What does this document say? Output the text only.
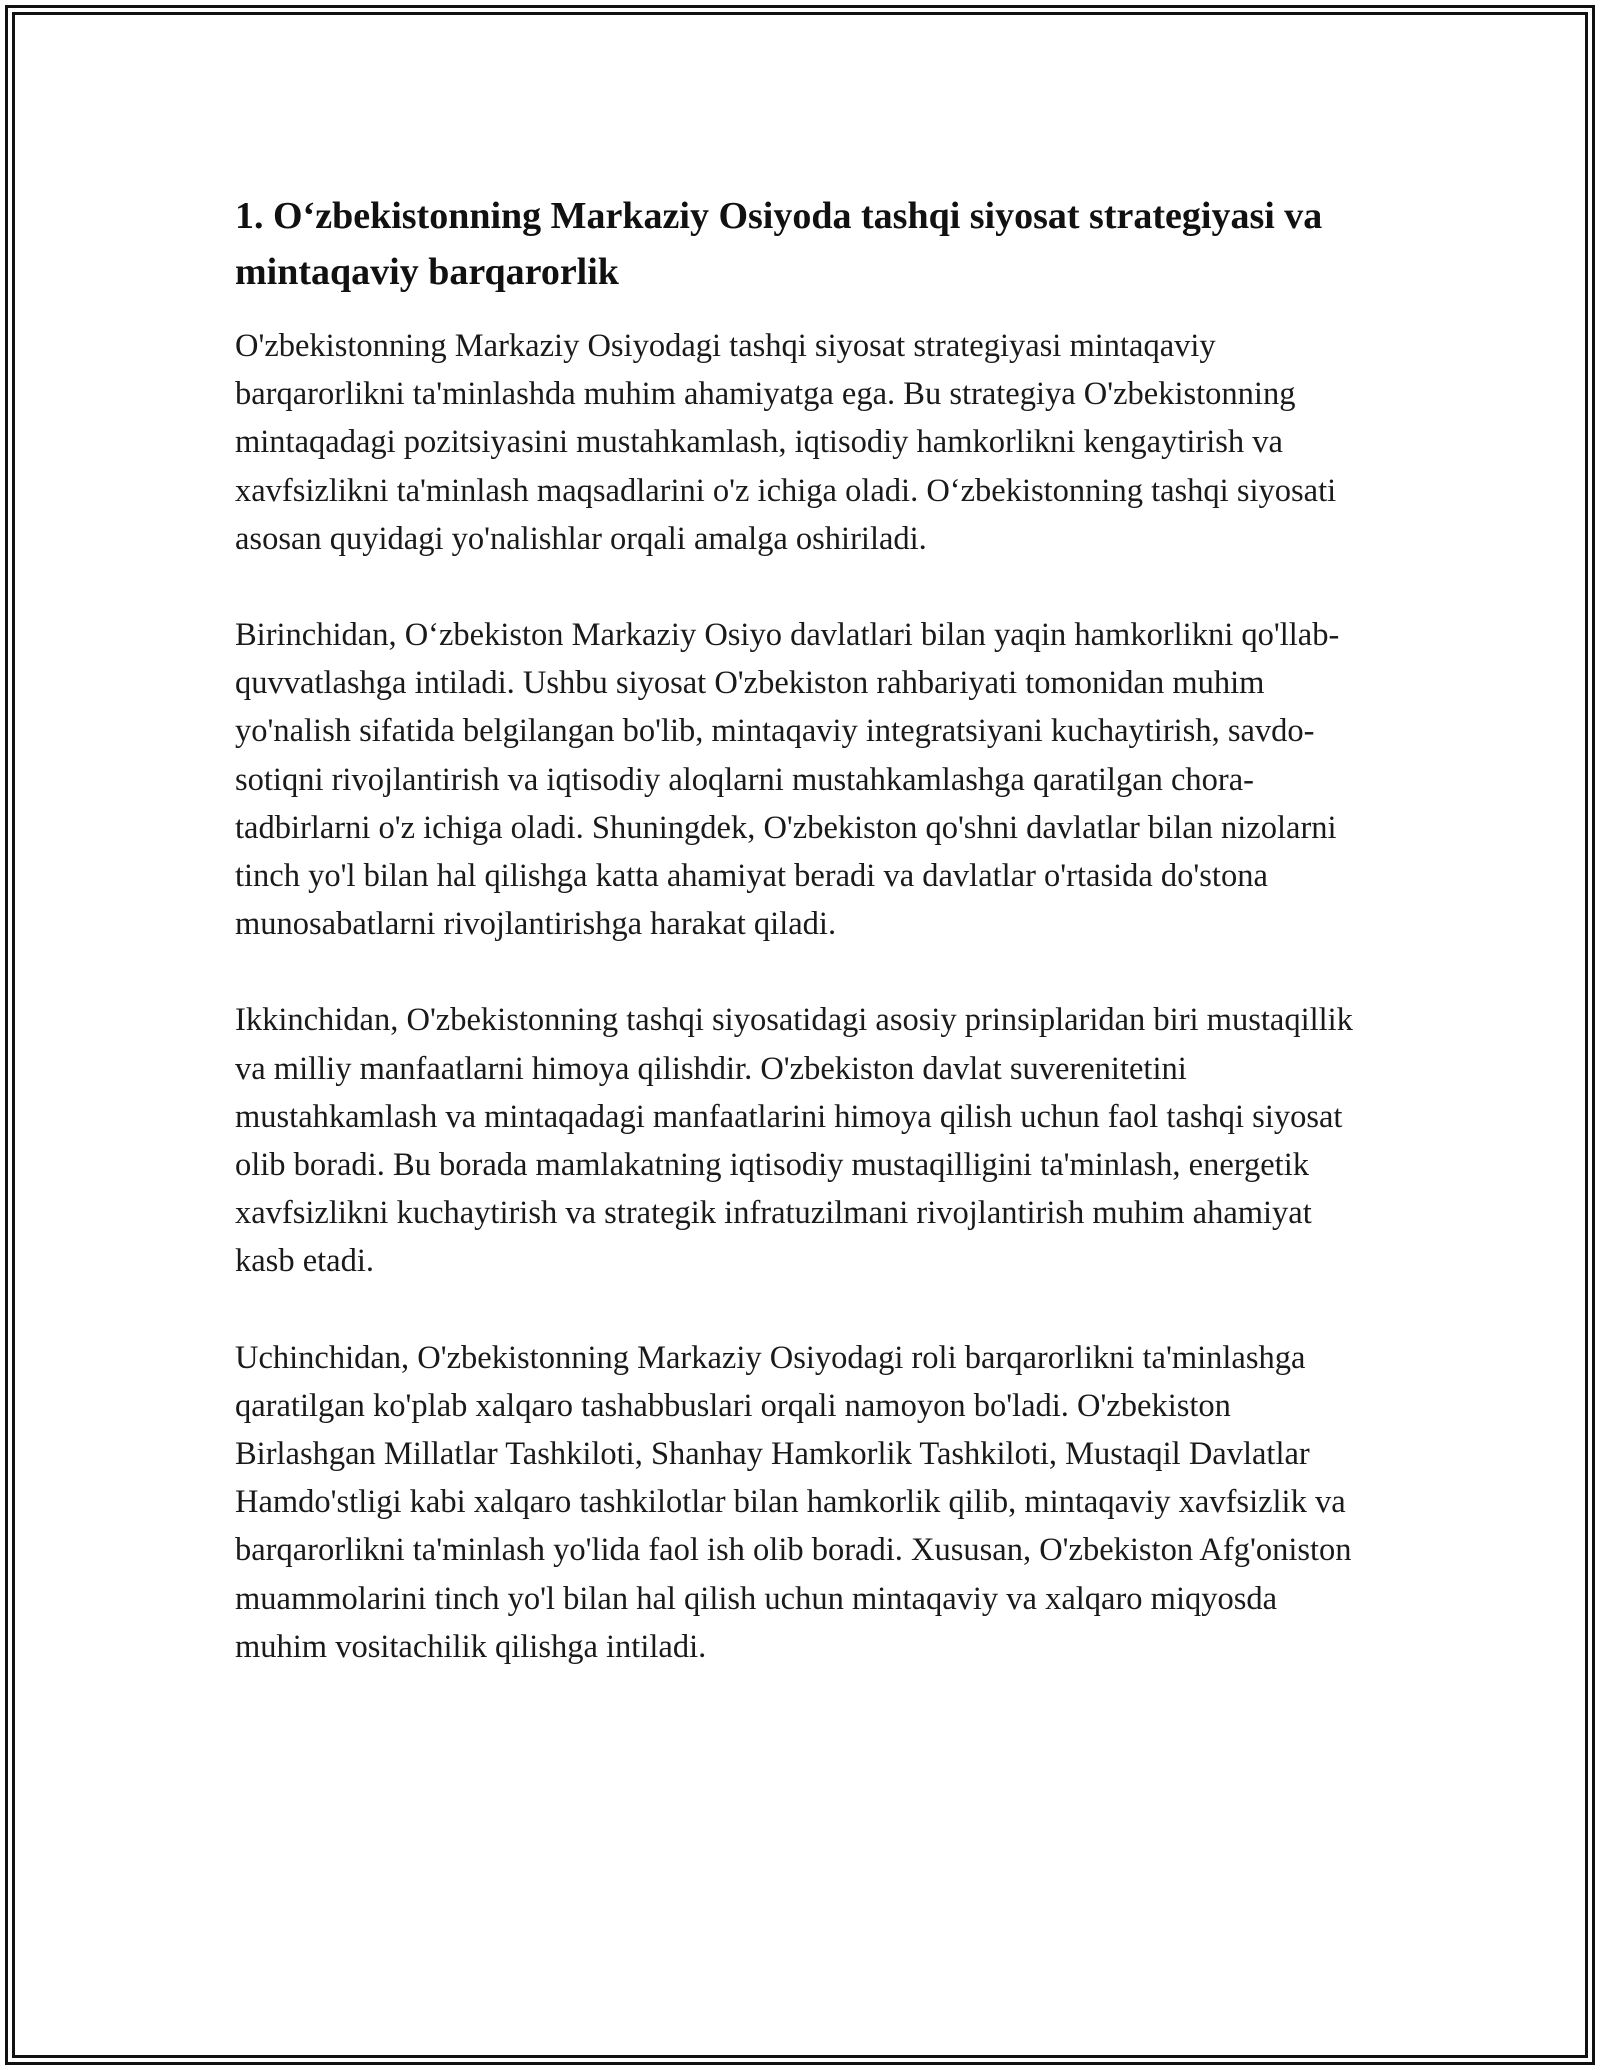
1. O‘zbekistonning Markaziy Osiyoda tashqi siyosat strategiyasi va mintaqaviy barqarorlik

O'zbekistonning Markaziy Osiyodagi tashqi siyosat strategiyasi mintaqaviy barqarorlikni ta'minlashda muhim ahamiyatga ega. Bu strategiya O'zbekistonning mintaqadagi pozitsiyasini mustahkamlash, iqtisodiy hamkorlikni kengaytirish va xavfsizlikni ta'minlash maqsadlarini o'z ichiga oladi. O‘zbekistonning tashqi siyosati asosan quyidagi yo'nalishlar orqali amalga oshiriladi.

Birinchidan, O‘zbekiston Markaziy Osiyo davlatlari bilan yaqin hamkorlikni qo'llab-quvvatlashga intiladi. Ushbu siyosat O'zbekiston rahbariyati tomonidan muhim yo'nalish sifatida belgilangan bo'lib, mintaqaviy integratsiyani kuchaytirish, savdo-sotiqni rivojlantirish va iqtisodiy aloqlarni mustahkamlashga qaratilgan chora-tadbirlarni o'z ichiga oladi. Shuningdek, O'zbekiston qo'shni davlatlar bilan nizolarni tinch yo'l bilan hal qilishga katta ahamiyat beradi va davlatlar o'rtasida do'stona munosabatlarni rivojlantirishga harakat qiladi.

Ikkinchidan, O'zbekistonning tashqi siyosatidagi asosiy prinsiplaridan biri mustaqillik va milliy manfaatlarni himoya qilishdir. O'zbekiston davlat suverenitetini mustahkamlash va mintaqadagi manfaatlarini himoya qilish uchun faol tashqi siyosat olib boradi. Bu borada mamlakatning iqtisodiy mustaqilligini ta'minlash, energetik xavfsizlikni kuchaytirish va strategik infratuzilmani rivojlantirish muhim ahamiyat kasb etadi.

Uchinchidan, O'zbekistonning Markaziy Osiyodagi roli barqarorlikni ta'minlashga qaratilgan ko'plab xalqaro tashabbuslari orqali namoyon bo'ladi. O'zbekiston Birlashgan Millatlar Tashkiloti, Shanhay Hamkorlik Tashkiloti, Mustaqil Davlatlar Hamdo'stligi kabi xalqaro tashkilotlar bilan hamkorlik qilib, mintaqaviy xavfsizlik va barqarorlikni ta'minlash yo'lida faol ish olib boradi. Xususan, O'zbekiston Afg'oniston muammolarini tinch yo'l bilan hal qilish uchun mintaqaviy va xalqaro miqyosda muhim vositachilik qilishga intiladi.
